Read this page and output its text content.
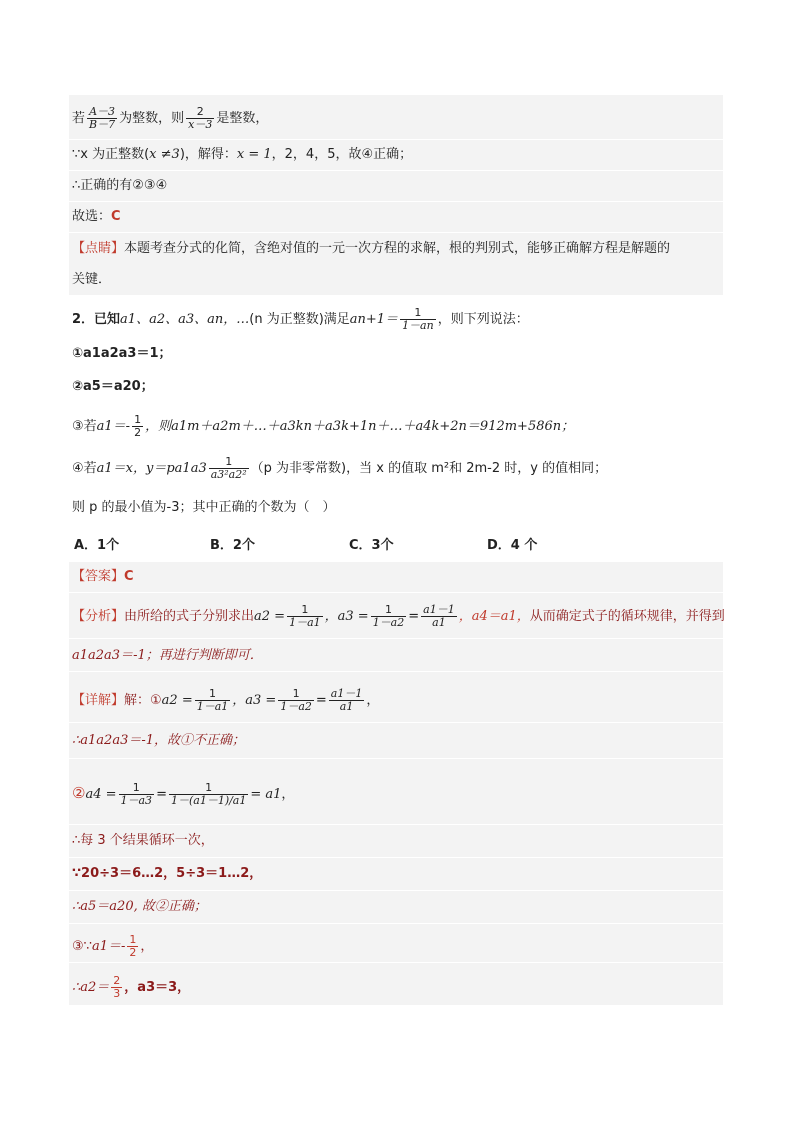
若 $\frac{A-3}{B-7}$ 为整数，则 $\frac{2}{x-3}$ 是整数，
∵x 为正整数(x ≠3)，解得：x = 1，2，4，5，故④正确；
∴正确的有②③④
故选：C
【点睛】本题考查分式的化简，含绝对值的一元一次方程的求解，根的判别式，能够正确解方程是解题的
关键．
2．已知a1、a2、a3、an，…(n 为正整数)满足$an+1= \frac{1}{1-an}$ ，则下列说法：
①a1a2a3＝1；
②a5＝a20；
③若$a1=- \frac{1}{2}$ ，则a1m＋a2m＋…＋a3kn＋a3k+1n＋…＋a4k+2n＝912m+586n；
④若a1＝x，$y=pa1a3 \frac{1}{\text{a3²a2²}} (p$ 为非零常数)，当 x 的值取 m²和 2m-2 时，y 的值相同；
则 p 的最小值为-3；其中正确的个数为（　）
A．1个	B．2个	C．3个	D．4 个
【答案】C
【分析】由所给的式子分别求出$a2 = \frac{1}{1-a1}$ ，$a3 = \frac{1}{1-a2} = \frac{a1-1}{a1}$ ，a4＝a1，从而确定式子的循环规律，并得到
a1a2a3＝-1；再进行判断即可．
【详解】解：①a2 = $\frac{1}{1-a1}$ ，$a3 = \frac{1}{1-a2} = \frac{a1-1}{a1}$ ，
∴a1a2a3＝-1，故①不正确；
②a4 = $\frac{1}{1-a3} = \frac{1}{1-(a1-1)/a1} = a1$，
∴每 3 个结果循环一次，
∵20÷3＝6…2，5÷3＝1…2，
∴a5＝a20, 故②正确；
③∵a1＝- $\frac{1}{2}$ ，
∴a2＝ $\frac{2}{3}$ ，a3＝3，
